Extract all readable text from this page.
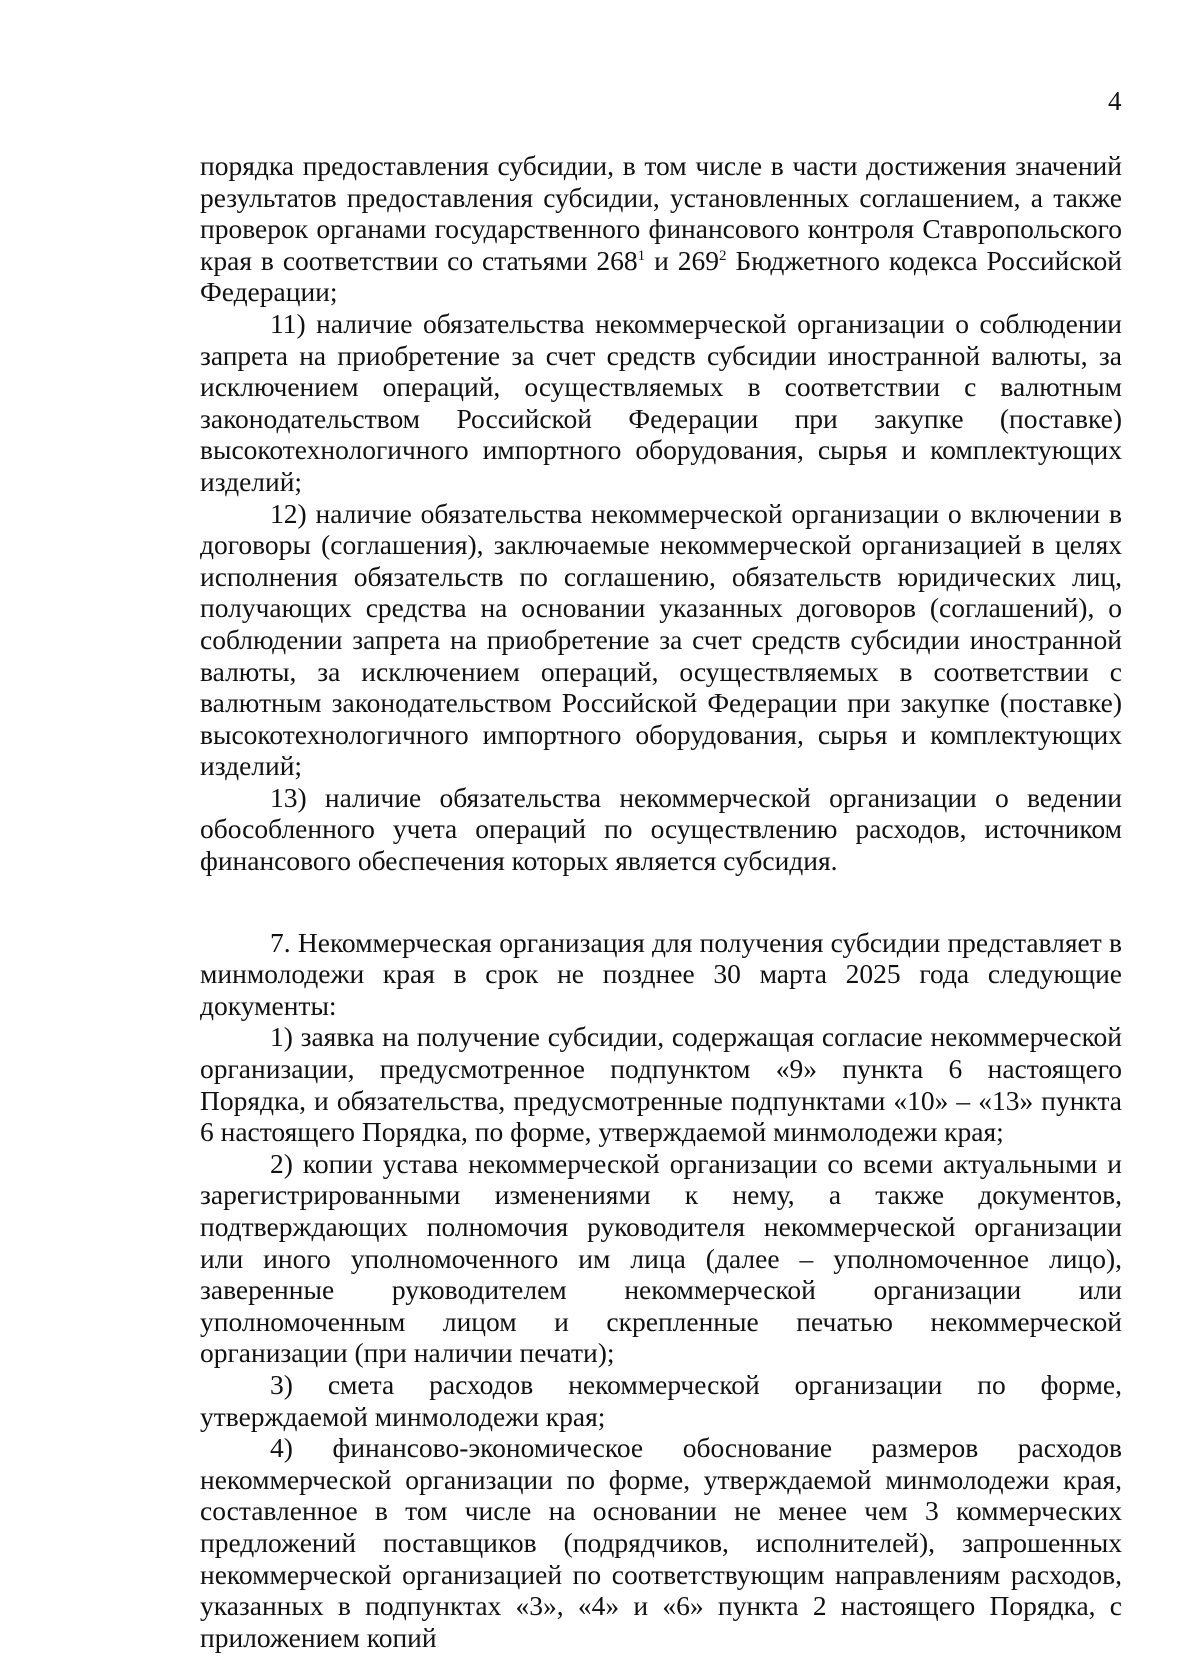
4

порядка предоставления субсидии, в том числе в части достижения значений результатов предоставления субсидии, установленных соглашением, а также проверок органами государственного финансового контроля Ставропольского края в соответствии со статьями $268^1$ и $269^2$ Бюджетного кодекса Российской Федерации;

11) наличие обязательства некоммерческой организации о соблюдении запрета на приобретение за счет средств субсидии иностранной валюты, за исключением операций, осуществляемых в соответствии с валютным законодательством Российской Федерации при закупке (поставке) высокотехнологичного импортного оборудования, сырья и комплектующих изделий;

12) наличие обязательства некоммерческой организации о включении в договоры (соглашения), заключаемые некоммерческой организацией в целях исполнения обязательств по соглашению, обязательств юридических лиц, получающих средства на основании указанных договоров (соглашений), о соблюдении запрета на приобретение за счет средств субсидии иностранной валюты, за исключением операций, осуществляемых в соответствии с валютным законодательством Российской Федерации при закупке (поставке) высокотехнологичного импортного оборудования, сырья и комплектующих изделий;

13) наличие обязательства некоммерческой организации о ведении обособленного учета операций по осуществлению расходов, источником финансового обеспечения которых является субсидия.

7. Некоммерческая организация для получения субсидии представляет в минмолодежи края в срок не позднее 30 марта 2025 года следующие документы:

1) заявка на получение субсидии, содержащая согласие некоммерческой организации, предусмотренное подпунктом «9» пункта 6 настоящего Порядка, и обязательства, предусмотренные подпунктами «10» – «13» пункта 6 настоящего Порядка, по форме, утверждаемой минмолодежи края;

2) копии устава некоммерческой организации со всеми актуальными и зарегистрированными изменениями к нему, а также документов, подтверждающих полномочия руководителя некоммерческой организации или иного уполномоченного им лица (далее – уполномоченное лицо), заверенные руководителем некоммерческой организации или уполномоченным лицом и скрепленные печатью некоммерческой организации (при наличии печати);

3) смета расходов некоммерческой организации по форме, утверждаемой минмолодежи края;

4) финансово-экономическое обоснование размеров расходов некоммерческой организации по форме, утверждаемой минмолодежи края, составленное в том числе на основании не менее чем 3 коммерческих предложений поставщиков (подрядчиков, исполнителей), запрошенных некоммерческой организацией по соответствующим направлениям расходов, указанных в подпунктах «3», «4» и «6» пункта 2 настоящего Порядка, с приложением копий
